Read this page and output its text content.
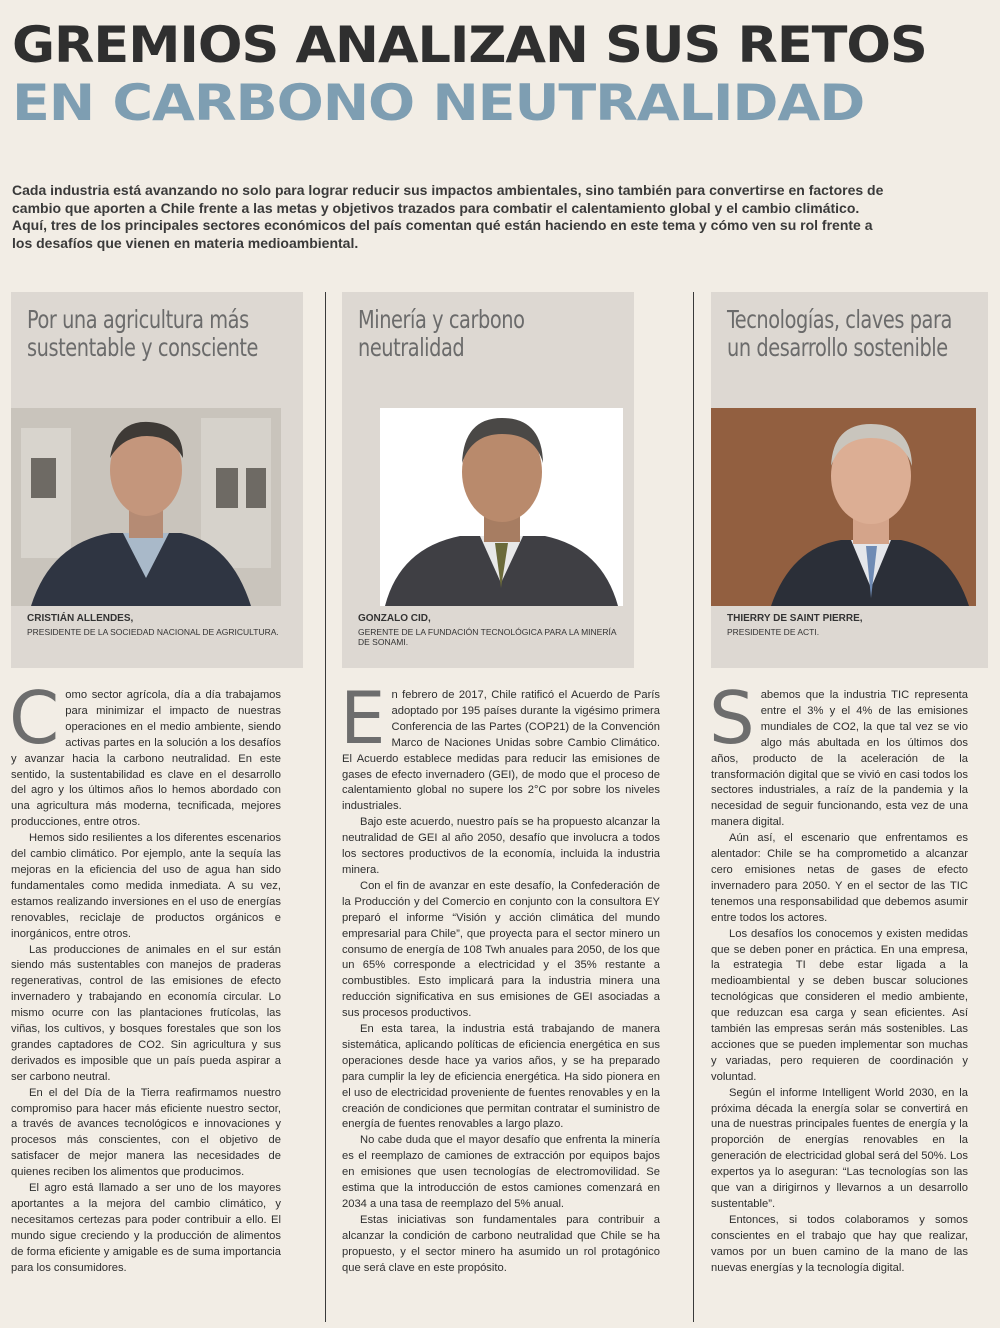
GREMIOS ANALIZAN SUS RETOS
EN CARBONO NEUTRALIDAD
Cada industria está avanzando no solo para lograr reducir sus impactos ambientales, sino también para convertirse en factores de cambio que aporten a Chile frente a las metas y objetivos trazados para combatir el calentamiento global y el cambio climático. Aquí, tres de los principales sectores económicos del país comentan qué están haciendo en este tema y cómo ven su rol frente a los desafíos que vienen en materia medioambiental.
Por una agricultura más sustentable y consciente
CRISTIÁN ALLENDES,
PRESIDENTE DE LA SOCIEDAD NACIONAL DE AGRICULTURA.

Como sector agrícola, día a día trabajamos para minimizar el impacto de nuestras operaciones en el medio ambiente, siendo activas partes en la solución a los desafíos y avanzar hacia la carbono neutralidad. En este sentido, la sustentabilidad es clave en el desarrollo del agro y los últimos años lo hemos abordado con una agricultura más moderna, tecnificada, mejores producciones, entre otros.

Hemos sido resilientes a los diferentes escenarios del cambio climático. Por ejemplo, ante la sequía las mejoras en la eficiencia del uso de agua han sido fundamentales como medida inmediata. A su vez, estamos realizando inversiones en el uso de energías renovables, reciclaje de productos orgánicos e inorgánicos, entre otros.

Las producciones de animales en el sur están siendo más sustentables con manejos de praderas regenerativas, control de las emisiones de efecto invernadero y trabajando en economía circular. Lo mismo ocurre con las plantaciones frutícolas, las viñas, los cultivos, y bosques forestales que son los grandes captadores de CO2. Sin agricultura y sus derivados es imposible que un país pueda aspirar a ser carbono neutral.

En el del Día de la Tierra reafirmamos nuestro compromiso para hacer más eficiente nuestro sector, a través de avances tecnológicos e innovaciones y procesos más conscientes, con el objetivo de satisfacer de mejor manera las necesidades de quienes reciben los alimentos que producimos.

El agro está llamado a ser uno de los mayores aportantes a la mejora del cambio climático, y necesitamos certezas para poder contribuir a ello. El mundo sigue creciendo y la producción de alimentos de forma eficiente y amigable es de suma importancia para los consumidores.

Minería y carbono neutralidad
GONZALO CID,
GERENTE DE LA FUNDACIÓN TECNOLÓGICA PARA LA MINERÍA DE SONAMI.

En febrero de 2017, Chile ratificó el Acuerdo de París adoptado por 195 países durante la vigésimo primera Conferencia de las Partes (COP21) de la Convención Marco de Naciones Unidas sobre Cambio Climático. El Acuerdo establece medidas para reducir las emisiones de gases de efecto invernadero (GEI), de modo que el proceso de calentamiento global no supere los 2°C por sobre los niveles industriales.

Bajo este acuerdo, nuestro país se ha propuesto alcanzar la neutralidad de GEI al año 2050, desafío que involucra a todos los sectores productivos de la economía, incluida la industria minera.

Con el fin de avanzar en este desafío, la Confederación de la Producción y del Comercio en conjunto con la consultora EY preparó el informe “Visión y acción climática del mundo empresarial para Chile”, que proyecta para el sector minero un consumo de energía de 108 Twh anuales para 2050, de los que un 65% corresponde a electricidad y el 35% restante a combustibles. Esto implicará para la industria minera una reducción significativa en sus emisiones de GEI asociadas a sus procesos productivos.

En esta tarea, la industria está trabajando de manera sistemática, aplicando políticas de eficiencia energética en sus operaciones desde hace ya varios años, y se ha preparado para cumplir la ley de eficiencia energética. Ha sido pionera en el uso de electricidad proveniente de fuentes renovables y en la creación de condiciones que permitan contratar el suministro de energía de fuentes renovables a largo plazo.

No cabe duda que el mayor desafío que enfrenta la minería es el reemplazo de camiones de extracción por equipos bajos en emisiones que usen tecnologías de electromovilidad. Se estima que la introducción de estos camiones comenzará en 2034 a una tasa de reemplazo del 5% anual.

Estas iniciativas son fundamentales para contribuir a alcanzar la condición de carbono neutralidad que Chile se ha propuesto, y el sector minero ha asumido un rol protagónico que será clave en este propósito.

Tecnologías, claves para un desarrollo sostenible
THIERRY DE SAINT PIERRE,
PRESIDENTE DE ACTI.

Sabemos que la industria TIC representa entre el 3% y el 4% de las emisiones mundiales de CO2, la que tal vez se vio algo más abultada en los últimos dos años, producto de la aceleración de la transformación digital que se vivió en casi todos los sectores industriales, a raíz de la pandemia y la necesidad de seguir funcionando, esta vez de una manera digital.

Aún así, el escenario que enfrentamos es alentador: Chile se ha comprometido a alcanzar cero emisiones netas de gases de efecto invernadero para 2050. Y en el sector de las TIC tenemos una responsabilidad que debemos asumir entre todos los actores.

Los desafíos los conocemos y existen medidas que se deben poner en práctica. En una empresa, la estrategia TI debe estar ligada a la medioambiental y se deben buscar soluciones tecnológicas que consideren el medio ambiente, que reduzcan esa carga y sean eficientes. Así también las empresas serán más sostenibles. Las acciones que se pueden implementar son muchas y variadas, pero requieren de coordinación y voluntad.

Según el informe Intelligent World 2030, en la próxima década la energía solar se convertirá en una de nuestras principales fuentes de energía y la proporción de energías renovables en la generación de electricidad global será del 50%. Los expertos ya lo aseguran: “Las tecnologías son las que van a dirigirnos y llevarnos a un desarrollo sustentable”.

Entonces, si todos colaboramos y somos conscientes en el trabajo que hay que realizar, vamos por un buen camino de la mano de las nuevas energías y la tecnología digital.
